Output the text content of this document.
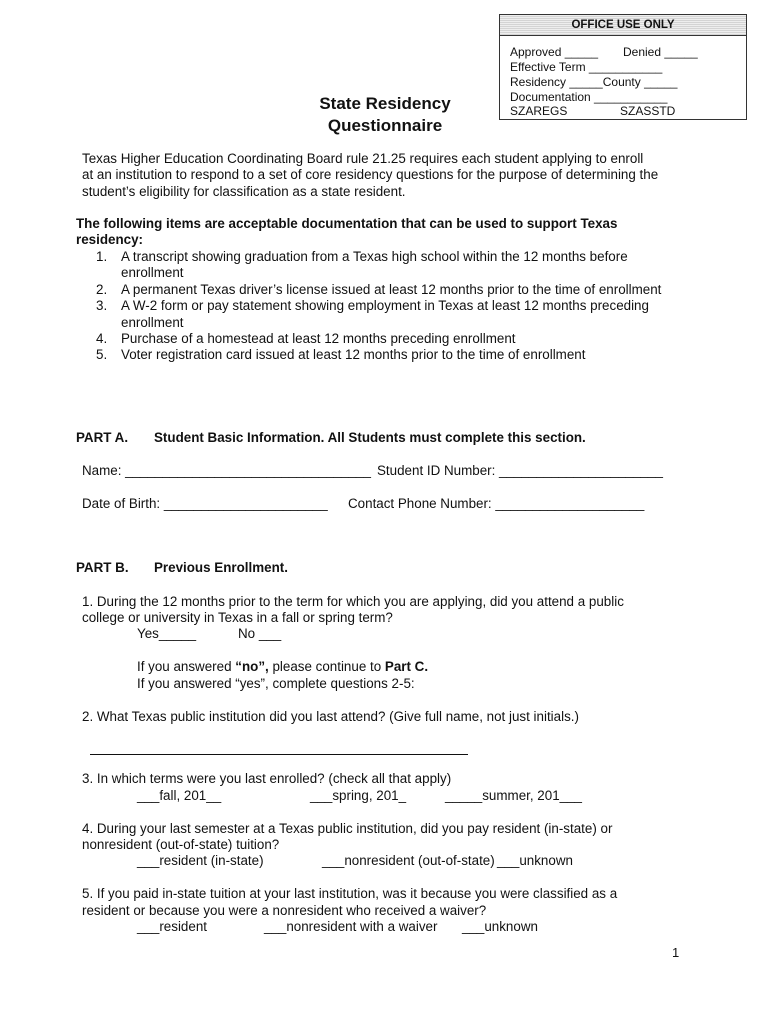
OFFICE USE ONLY
Approved _____ Denied _____
Effective Term ___________
Residency _____County _____
Documentation ___________
SZAREGS	SZASSTD
State Residency
Questionnaire
Texas Higher Education Coordinating Board rule 21.25 requires each student applying to enroll
at an institution to respond to a set of core residency questions for the purpose of determining the
student’s eligibility for classification as a state resident.
The following items are acceptable documentation that can be used to support Texas
residency:
1. A transcript showing graduation from a Texas high school within the 12 months before
enrollment
2. A permanent Texas driver’s license issued at least 12 months prior to the time of enrollment
3. A W-2 form or pay statement showing employment in Texas at least 12 months preceding
enrollment
4. Purchase of a homestead at least 12 months preceding enrollment
5. Voter registration card issued at least 12 months prior to the time of enrollment
PART A. Student Basic Information. All Students must complete this section.
Name: _________________________________ Student ID Number: ______________________
Date of Birth: ______________________ Contact Phone Number: ____________________
PART B. Previous Enrollment.
1. During the 12 months prior to the term for which you are applying, did you attend a public
college or university in Texas in a fall or spring term?
Yes_____	No ___
If you answered “no”, please continue to Part C.
If you answered “yes”, complete questions 2-5:
2. What Texas public institution did you last attend? (Give full name, not just initials.)
3. In which terms were you last enrolled? (check all that apply)
___fall, 201__	___spring, 201_	_____summer, 201___
4. During your last semester at a Texas public institution, did you pay resident (in-state) or
nonresident (out-of-state) tuition?
___resident (in-state)	___nonresident (out-of-state) ___unknown
5. If you paid in-state tuition at your last institution, was it because you were classified as a
resident or because you were a nonresident who received a waiver?
___resident	___nonresident with a waiver ___unknown
1
